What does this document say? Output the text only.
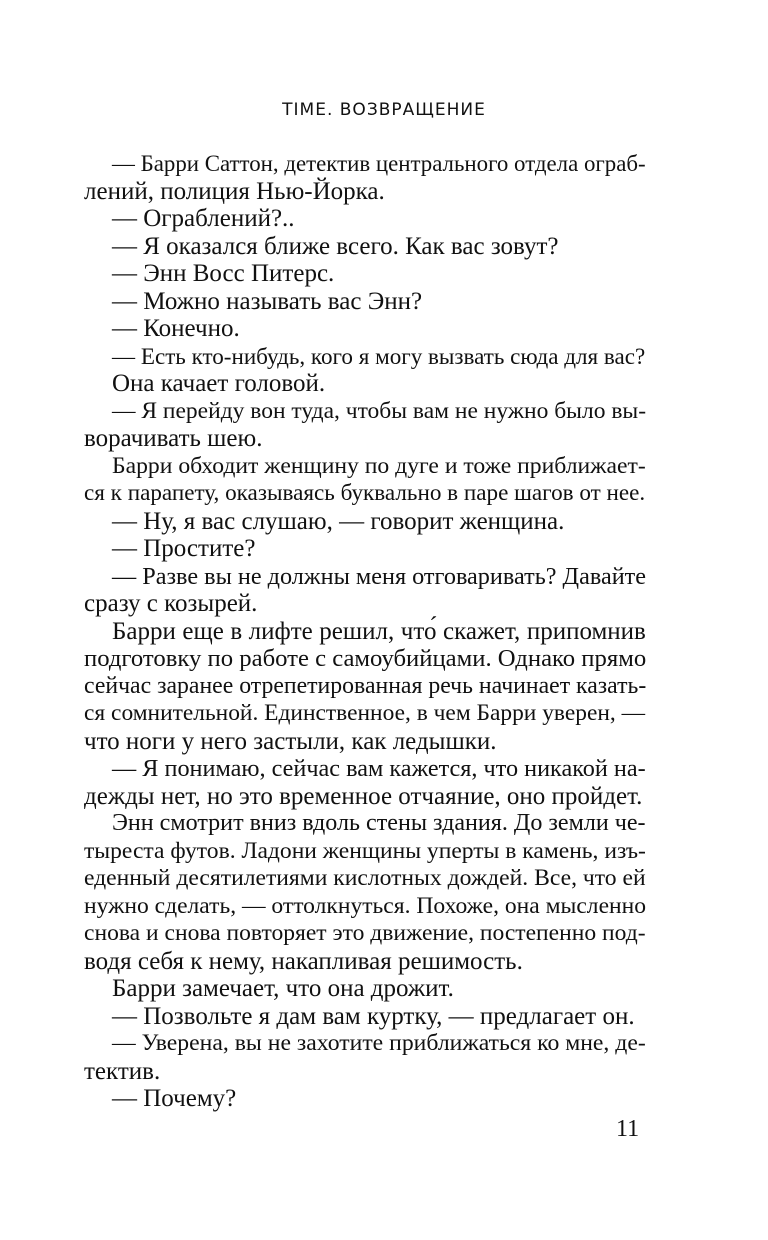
TIME. ВОЗВРАЩЕНИЕ
— Барри Саттон, детектив центрального отдела ограб-
лений, полиция Нью-Йорка.
— Ограблений?..
— Я оказался ближе всего. Как вас зовут?
— Энн Восс Питерс.
— Можно называть вас Энн?
— Конечно.
— Есть кто-нибудь, кого я могу вызвать сюда для вас?
Она качает головой.
— Я перейду вон туда, чтобы вам не нужно было вы-
ворачивать шею.
Барри обходит женщину по дуге и тоже приближает-
ся к парапету, оказываясь буквально в паре шагов от нее.
— Ну, я вас слушаю, — говорит женщина.
— Простите?
— Разве вы не должны меня отговаривать? Давайте
сразу с козырей.
Барри еще в лифте решил, что́ скажет, припомнив
подготовку по работе с самоубийцами. Однако прямо
сейчас заранее отрепетированная речь начинает казать-
ся сомнительной. Единственное, в чем Барри уверен, —
что ноги у него застыли, как ледышки.
— Я понимаю, сейчас вам кажется, что никакой на-
дежды нет, но это временное отчаяние, оно пройдет.
Энн смотрит вниз вдоль стены здания. До земли че-
тыреста футов. Ладони женщины уперты в камень, изъ-
еденный десятилетиями кислотных дождей. Все, что ей
нужно сделать, — оттолкнуться. Похоже, она мысленно
снова и снова повторяет это движение, постепенно под-
водя себя к нему, накапливая решимость.
Барри замечает, что она дрожит.
— Позвольте я дам вам куртку, — предлагает он.
— Уверена, вы не захотите приближаться ко мне, де-
тектив.
— Почему?
11
